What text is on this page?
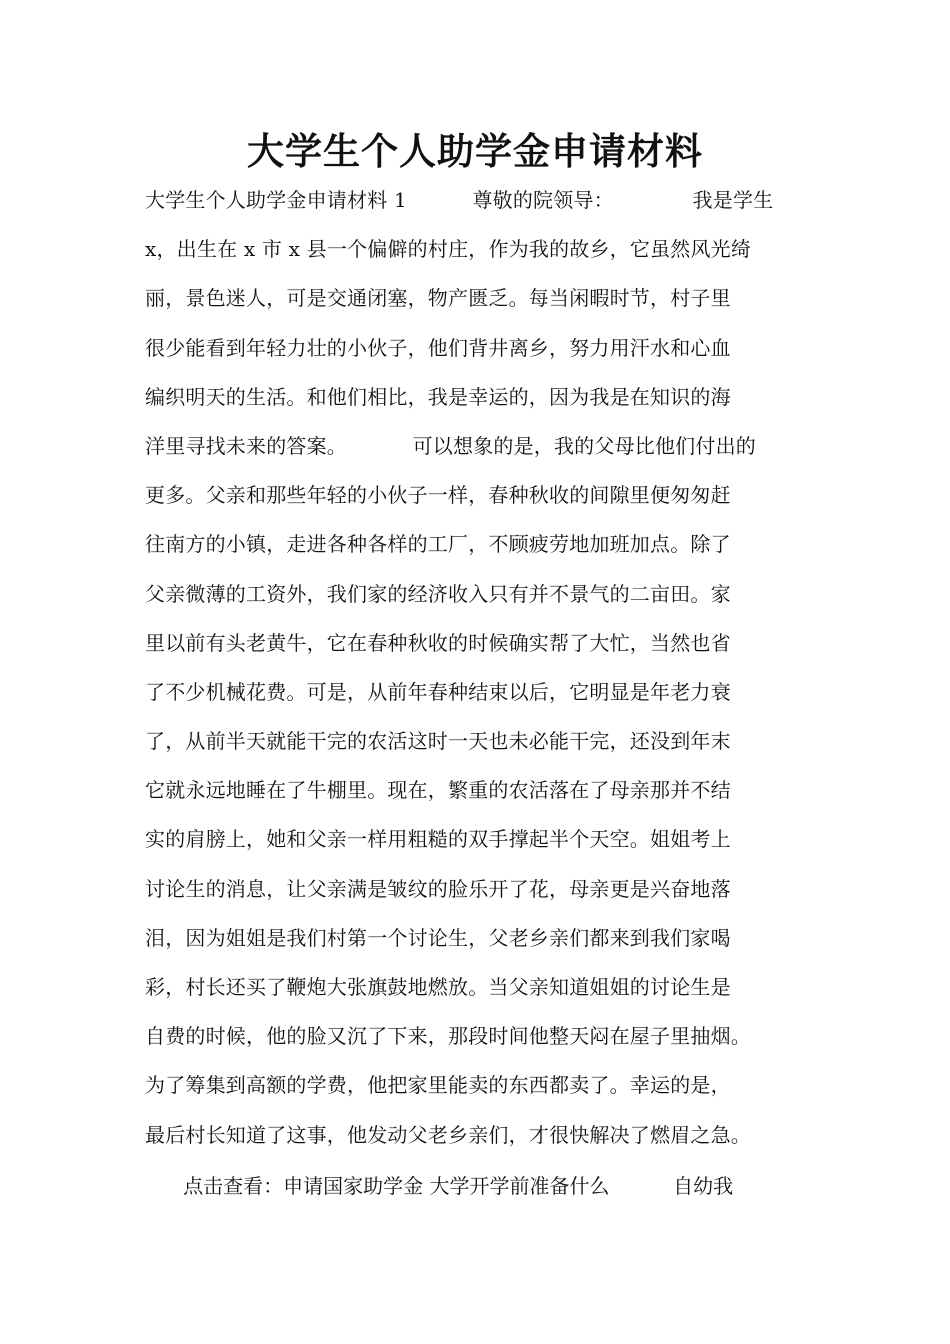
大学生个人助学金申请材料
大学生个人助学金申请材料 1          尊敬的院领导：            我是学生
x，出生在 x 市 x 县一个偏僻的村庄，作为我的故乡，它虽然风光绮
丽，景色迷人，可是交通闭塞，物产匮乏。每当闲暇时节，村子里
很少能看到年轻力壮的小伙子，他们背井离乡，努力用汗水和心血
编织明天的生活。和他们相比，我是幸运的，因为我是在知识的海
洋里寻找未来的答案。          可以想象的是，我的父母比他们付出的
更多。父亲和那些年轻的小伙子一样，春种秋收的间隙里便匆匆赶
往南方的小镇，走进各种各样的工厂，不顾疲劳地加班加点。除了
父亲微薄的工资外，我们家的经济收入只有并不景气的二亩田。家
里以前有头老黄牛，它在春种秋收的时候确实帮了大忙，当然也省
了不少机械花费。可是，从前年春种结束以后，它明显是年老力衰
了，从前半天就能干完的农活这时一天也未必能干完，还没到年末
它就永远地睡在了牛棚里。现在，繁重的农活落在了母亲那并不结
实的肩膀上，她和父亲一样用粗糙的双手撑起半个天空。姐姐考上
讨论生的消息，让父亲满是皱纹的脸乐开了花，母亲更是兴奋地落
泪，因为姐姐是我们村第一个讨论生，父老乡亲们都来到我们家喝
彩，村长还买了鞭炮大张旗鼓地燃放。当父亲知道姐姐的讨论生是
自费的时候，他的脸又沉了下来，那段时间他整天闷在屋子里抽烟。
为了筹集到高额的学费，他把家里能卖的东西都卖了。幸运的是，
最后村长知道了这事，他发动父老乡亲们，才很快解决了燃眉之急。
点击查看：申请国家助学金 大学开学前准备什么	自幼我
